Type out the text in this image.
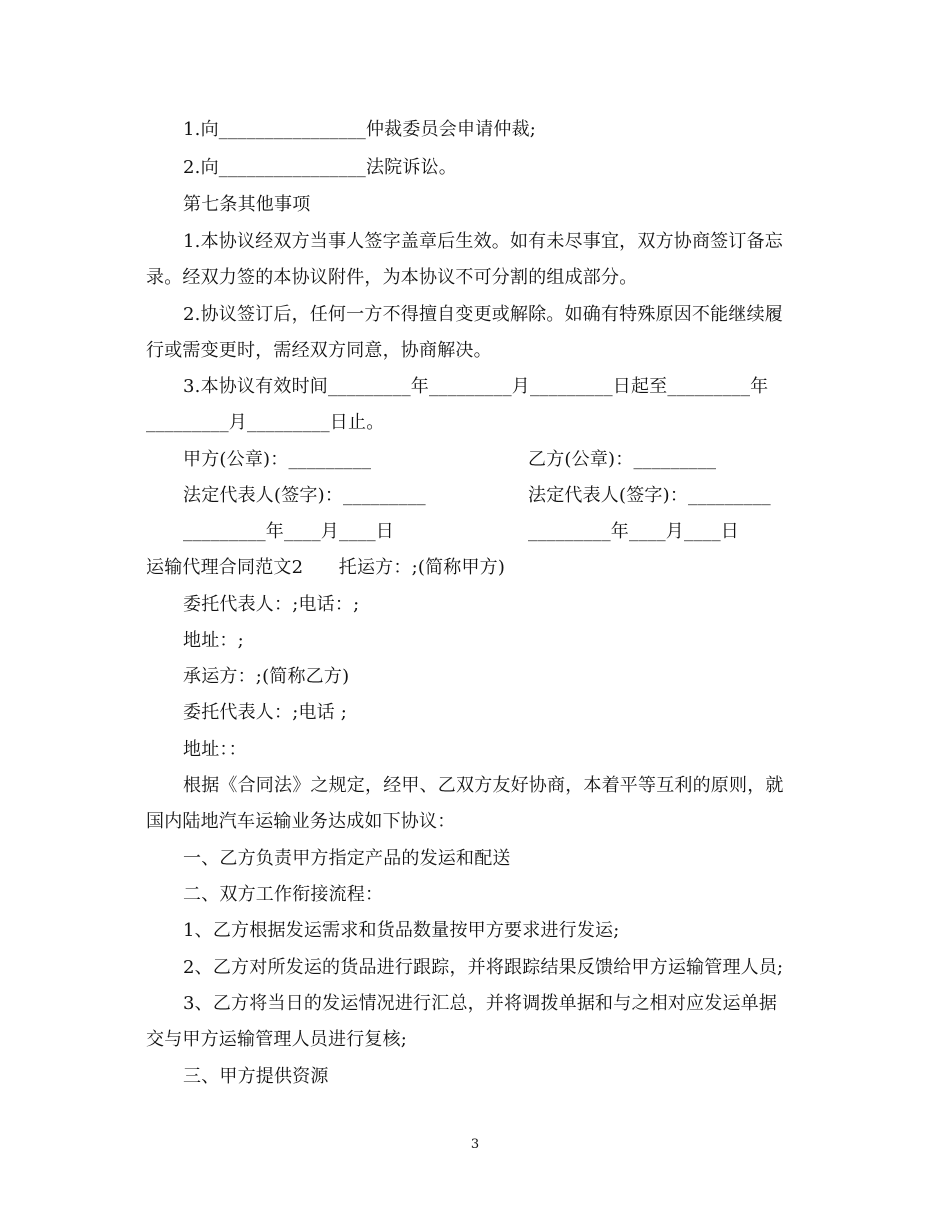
1.向________________仲裁委员会申请仲裁;
2.向________________法院诉讼。
第七条其他事项
1.本协议经双方当事人签字盖章后生效。如有未尽事宜，双方协商签订备忘
录。经双力签的本协议附件，为本协议不可分割的组成部分。
2.协议签订后，任何一方不得擅自变更或解除。如确有特殊原因不能继续履
行或需变更时，需经双方同意，协商解决。
3.本协议有效时间_________年_________月_________日起至_________年
_________月_________日止。
甲方(公章)：_________	乙方(公章)：_________
法定代表人(签字)：_________	法定代表人(签字)：_________
_________年____月____日	_________年____月____日
运输代理合同范文2      托运方：;(简称甲方)
委托代表人：;电话：;
地址：;
承运方：;(简称乙方)
委托代表人：;电话 ;
地址：：
根据《合同法》之规定，经甲、乙双方友好协商，本着平等互利的原则，就
国内陆地汽车运输业务达成如下协议：
一、乙方负责甲方指定产品的发运和配送
二、双方工作衔接流程：
1、乙方根据发运需求和货品数量按甲方要求进行发运;
2、乙方对所发运的货品进行跟踪，并将跟踪结果反馈给甲方运输管理人员;
3、乙方将当日的发运情况进行汇总，并将调拨单据和与之相对应发运单据
交与甲方运输管理人员进行复核;
三、甲方提供资源
3
